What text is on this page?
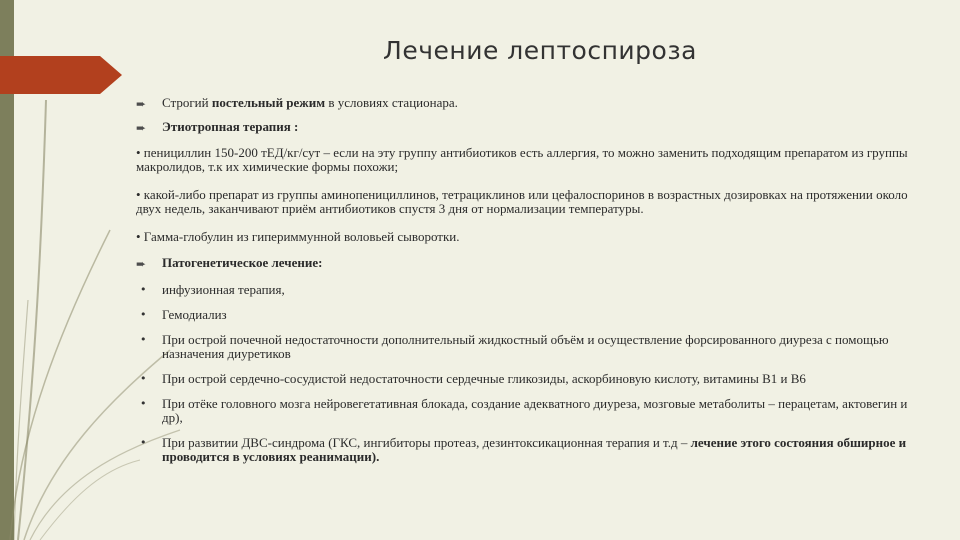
Лечение лептоспироза
➨ Строгий постельный режим в условиях стационара.
➨ Этиотропная терапия :
• пенициллин 150-200 тЕД/кг/сут – если на эту группу антибиотиков есть аллергия, то можно заменить подходящим препаратом из группы макролидов, т.к их химические формы похожи;
• какой-либо препарат из группы аминопенициллинов, тетрациклинов или цефалоспоринов в возрастных дозировках на протяжении около двух недель, заканчивают приём антибиотиков спустя 3 дня от нормализации температуры.
• Гамма-глобулин из гипериммунной воловьей сыворотки.
➨ Патогенетическое лечение:
• инфузионная терапия,
• Гемодиализ
• При острой почечной недостаточности дополнительный жидкостный объём и осуществление форсированного диуреза с помощью назначения диуретиков
• При острой сердечно-сосудистой недостаточности сердечные гликозиды, аскорбиновую кислоту, витамины В1 и В6
• При отёке головного мозга нейровегетативная блокада, создание адекватного диуреза, мозговые метаболиты – перацетам, актовегин и др),
• При развитии ДВС-синдрома (ГКС, ингибиторы протеаз, дезинтоксикационная терапия и т.д – лечение этого состояния обширное и проводится в условиях реанимации).
